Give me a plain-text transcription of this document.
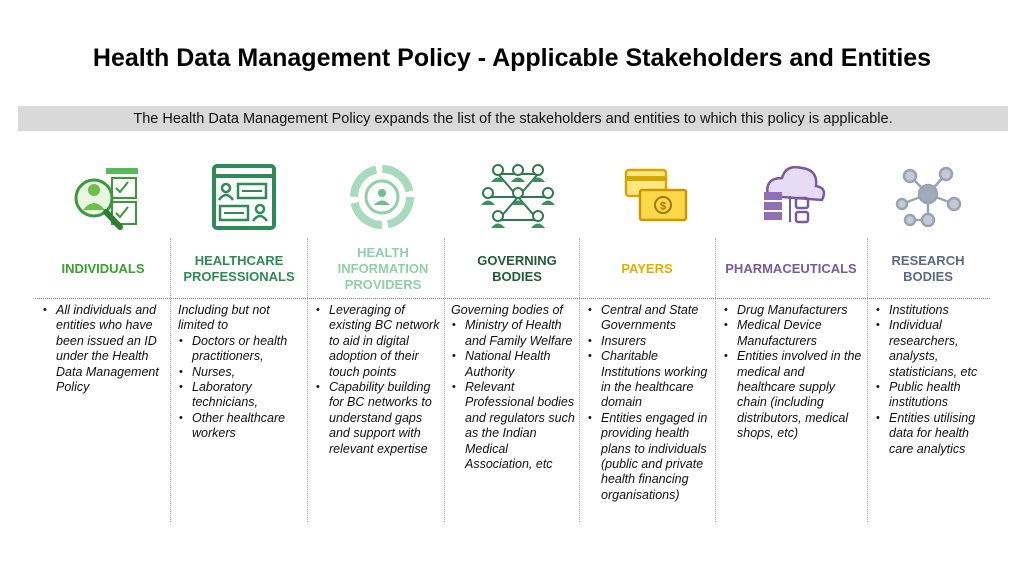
Health Data Management Policy - Applicable Stakeholders and Entities
The Health Data Management Policy expands the list of the stakeholders and entities to which this policy is applicable.
$
INDIVIDUALS
HEALTHCARE PROFESSIONALS
HEALTH INFORMATION PROVIDERS
GOVERNING BODIES
PAYERS	PHARMACEUTICALS
RESEARCH BODIES
• All individuals and entities who have been issued an ID under the Health Data Management Policy
Including but not limited to
• Doctors or health practitioners,
• Nurses,
• Laboratory technicians,
• Other healthcare workers
• Leveraging of existing BC network to aid in digital adoption of their touch points
• Capability building for BC networks to understand gaps and support with relevant expertise
Governing bodies of
• Ministry of Health and Family Welfare
• National Health Authority
• Relevant Professional bodies and regulators such as the Indian Medical Association, etc
• Central and State Governments
• Insurers
• Charitable Institutions working in the healthcare domain
• Entities engaged in providing health plans to individuals (public and private health financing organisations)
• Drug Manufacturers
• Medical Device Manufacturers
• Entities involved in the medical and healthcare supply chain (including distributors, medical shops, etc)
• Institutions
• Individual researchers, analysts, statisticians, etc
• Public health institutions
• Entities utilising data for health care analytics
